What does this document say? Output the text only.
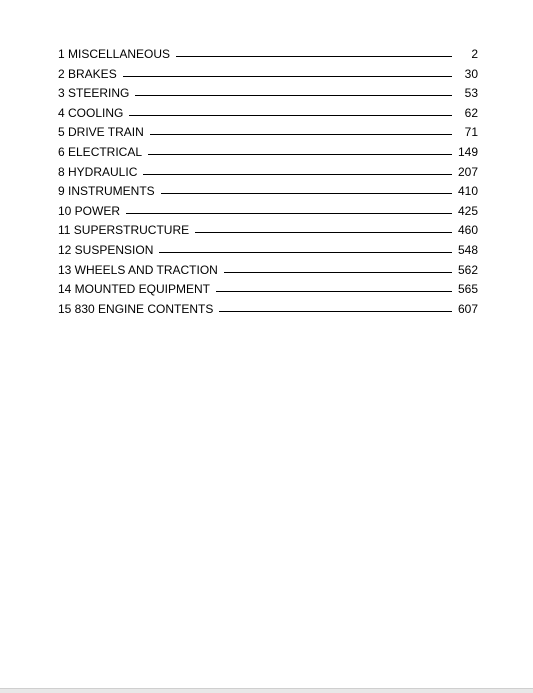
1 MISCELLANEOUS	2
2 BRAKES	30
3 STEERING	53
4 COOLING	62
5 DRIVE TRAIN	71
6 ELECTRICAL	149
8 HYDRAULIC	207
9 INSTRUMENTS	410
10 POWER	425
11 SUPERSTRUCTURE	460
12 SUSPENSION	548
13 WHEELS AND TRACTION	562
14 MOUNTED EQUIPMENT	565
15 830 ENGINE CONTENTS	607
